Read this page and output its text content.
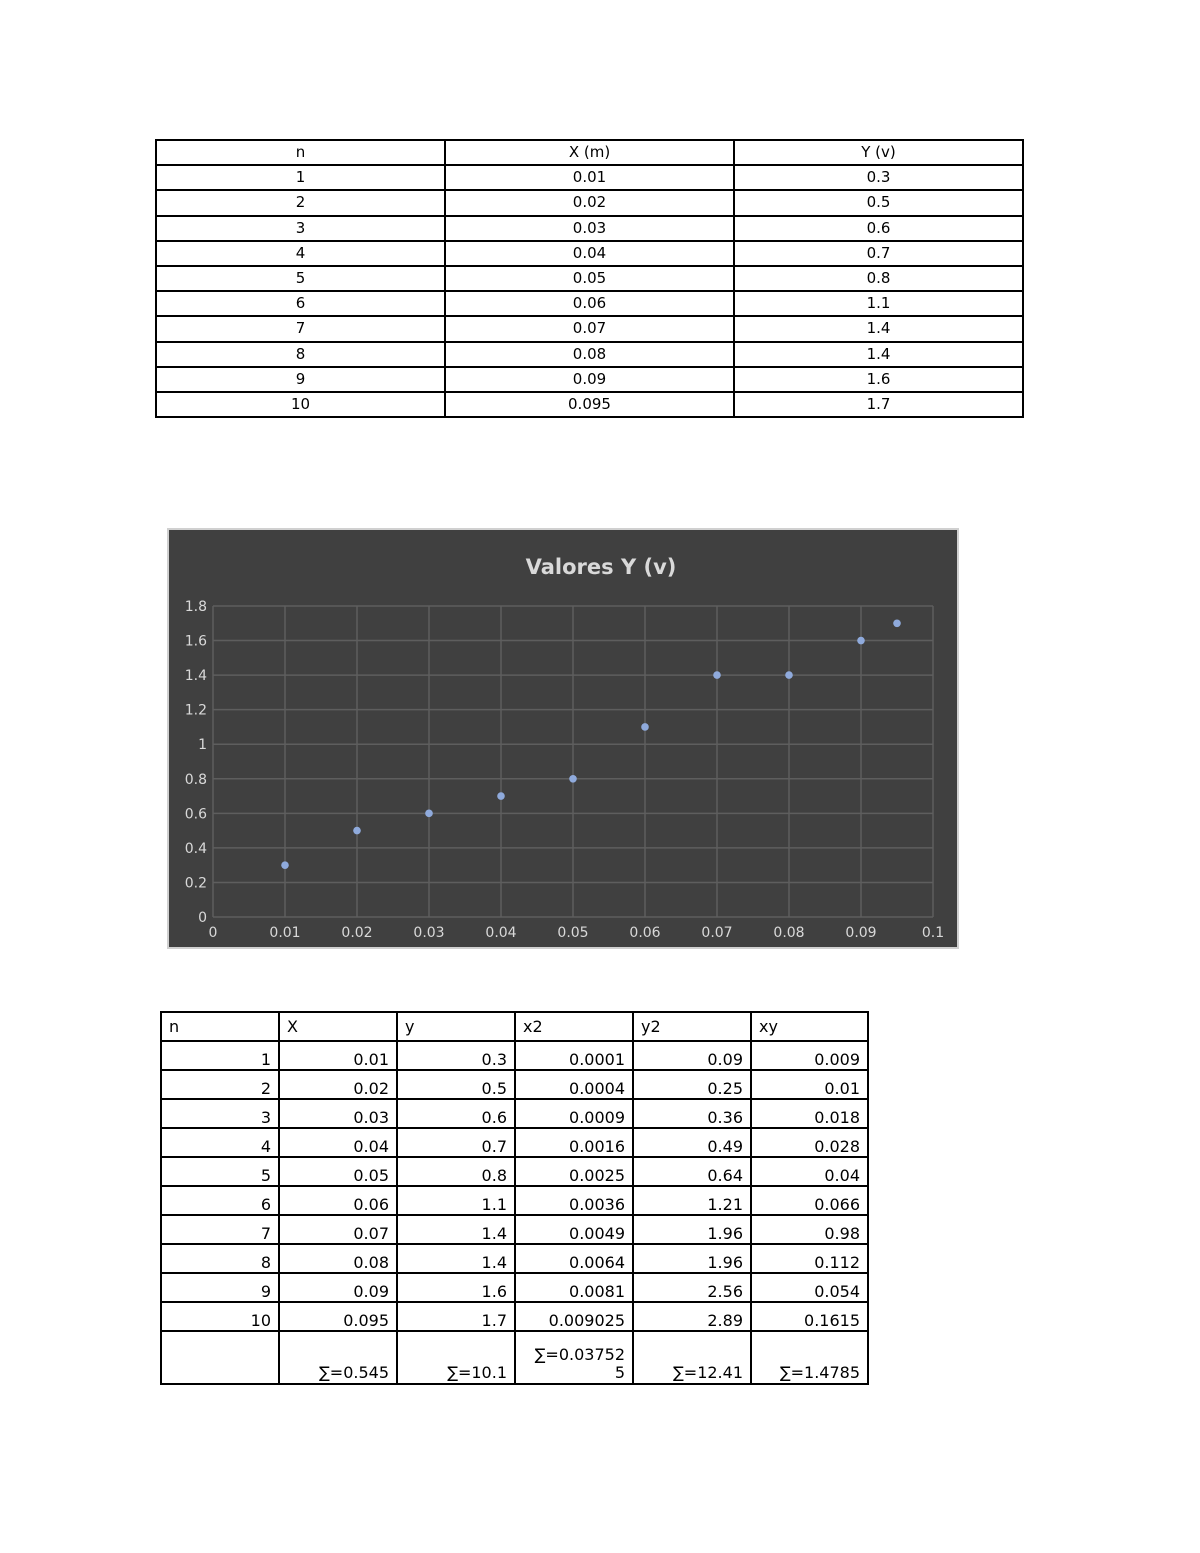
n	X (m)	Y (v)
1	0.01	0.3
2	0.02	0.5
3	0.03	0.6
4	0.04	0.7
5	0.05	0.8
6	0.06	1.1
7	0.07	1.4
8	0.08	1.4
9	0.09	1.6
10	0.095	1.7
Valores Y (v)
0	0.01	0.02	0.03	0.04	0.05	0.06	0.07	0.08	0.09	0.1
0
0.2
0.4
0.6
0.8
1
1.2
1.4
1.6
1.8
n	X	y	x2	y2	xy
1	0.01	0.3	0.0001	0.09	0.009
2	0.02	0.5	0.0004	0.25	0.01
3	0.03	0.6	0.0009	0.36	0.018
4	0.04	0.7	0.0016	0.49	0.028
5	0.05	0.8	0.0025	0.64	0.04
6	0.06	1.1	0.0036	1.21	0.066
7	0.07	1.4	0.0049	1.96	0.98
8	0.08	1.4	0.0064	1.96	0.112
9	0.09	1.6	0.0081	2.56	0.054
10	0.095	1.7	0.009025	2.89	0.1615
	∑=0.545	∑=10.1	∑=0.037525	∑=12.41	∑=1.4785
